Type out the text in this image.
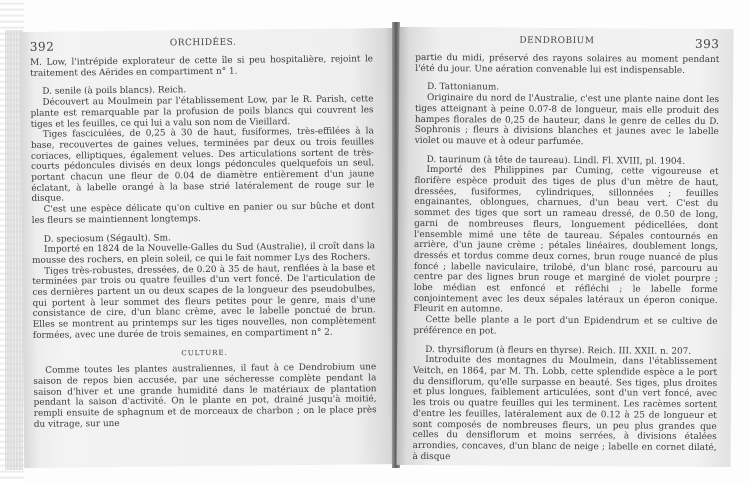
392	ORCHIDÉES.

M. Low, l'intrépide explorateur de cette île si peu hospitalière, rejoint le traitement des Aërides en compartiment n° 1.

D. senile (à poils blancs). Reich.

Découvert au Moulmein par l'établissement Low, par le R. Parish, cette plante est remarquable par la profusion de poils blancs qui couvrent les tiges et les feuilles, ce qui lui a valu son nom de Vieillard.

Tiges fasciculées, de 0,25 à 30 de haut, fusiformes, très-effilées à la base, recouvertes de gaines velues, terminées par deux ou trois feuilles coriaces, elliptiques, également velues. Des articulations sortent de très-courts pédoncules divisés en deux longs pédoncules quelquefois un seul, portant chacun une fleur de 0.04 de diamètre entièrement d'un jaune éclatant, à labelle orangé à la base strié latéralement de rouge sur le disque.

C'est une espèce délicate qu'on cultive en panier ou sur bûche et dont les fleurs se maintiennent longtemps.

D. speciosum (Ségault). Sm.

Importé en 1824 de la Nouvelle-Galles du Sud (Australie), il croît dans la mousse des rochers, en plein soleil, ce qui le fait nommer Lys des Rochers.

Tiges très-robustes, dressées, de 0.20 à 35 de haut, renflées à la base et terminées par trois ou quatre feuilles d'un vert foncé. De l'articulation de ces dernières partent un ou deux scapes de la longueur des pseudobulbes, qui portent à leur sommet des fleurs petites pour le genre, mais d'une consistance de cire, d'un blanc crème, avec le labelle ponctué de brun. Elles se montrent au printemps sur les tiges nouvelles, non complètement formées, avec une durée de trois semaines, en compartiment n° 2.

CULTURE.

Comme toutes les plantes australiennes, il faut à ce Dendrobium une saison de repos bien accusée, par une sécheresse complète pendant la saison d'hiver et une grande humidité dans le matériaux de plantation pendant la saison d'activité. On le plante en pot, drainé jusqu'à moitié, rempli ensuite de sphagnum et de morceaux de charbon ; on le place près du vitrage, sur une

DENDROBIUM	393

partie du midi, préservé des rayons solaires au moment pendant l'été du jour. Une aération convenable lui est indispensable.

D. Tattonianum.

Originaire du nord de l'Australie, c'est une plante naine dont les tiges atteignant à peine 0.07-8 de longueur, mais elle produit des hampes florales de 0,25 de hauteur, dans le genre de celles du D. Sophronis ; fleurs à divisions blanches et jaunes avec le labelle violet ou mauve et à odeur parfumée.

D. taurinum (à tête de taureau). Lindl. Fl. XVIII, pl. 1904.

Importé des Philippines par Cuming, cette vigoureuse et florifère espèce produit des tiges de plus d'un mètre de haut, dressées, fusiformes, cylindriques, sillonnées ; feuilles engainantes, oblongues, charnues, d'un beau vert. C'est du sommet des tiges que sort un rameau dressé, de 0.50 de long, garni de nombreuses fleurs, longuement pédicellées, dont l'ensemble mimé une tête de taureau. Sépales contournés en arrière, d'un jaune crème ; pétales linéaires, doublement longs, dressés et tordus comme deux cornes, brun rouge nuancé de plus foncé ; labelle naviculaire, trilobé, d'un blanc rosé, parcouru au centre par des lignes brun rouge et marginé de violet pourpre ; lobe médian est enfoncé et réfléchi ; le labelle forme conjointement avec les deux sépales latéraux un éperon conique. Fleurit en automne.

Cette belle plante a le port d'un Epidendrum et se cultive de préférence en pot.

D. thyrsiflorum (à fleurs en thyrse). Reich. III. XXII. n. 207.

Introduite des montagnes du Moulmein, dans l'établissement Veitch, en 1864, par M. Th. Lobb, cette splendide espèce a le port du densiflorum, qu'elle surpasse en beauté. Ses tiges, plus droites et plus longues, faiblement articulées, sont d'un vert foncé, avec les trois ou quatre feuilles qui les terminent. Les racèmes sortent d'entre les feuilles, latéralement aux de 0.12 à 25 de longueur et sont composés de nombreuses fleurs, un peu plus grandes que celles du densiflorum et moins serrées, à divisions étalées arrondies, concaves, d'un blanc de neige ; labelle en cornet dilaté, à disque
